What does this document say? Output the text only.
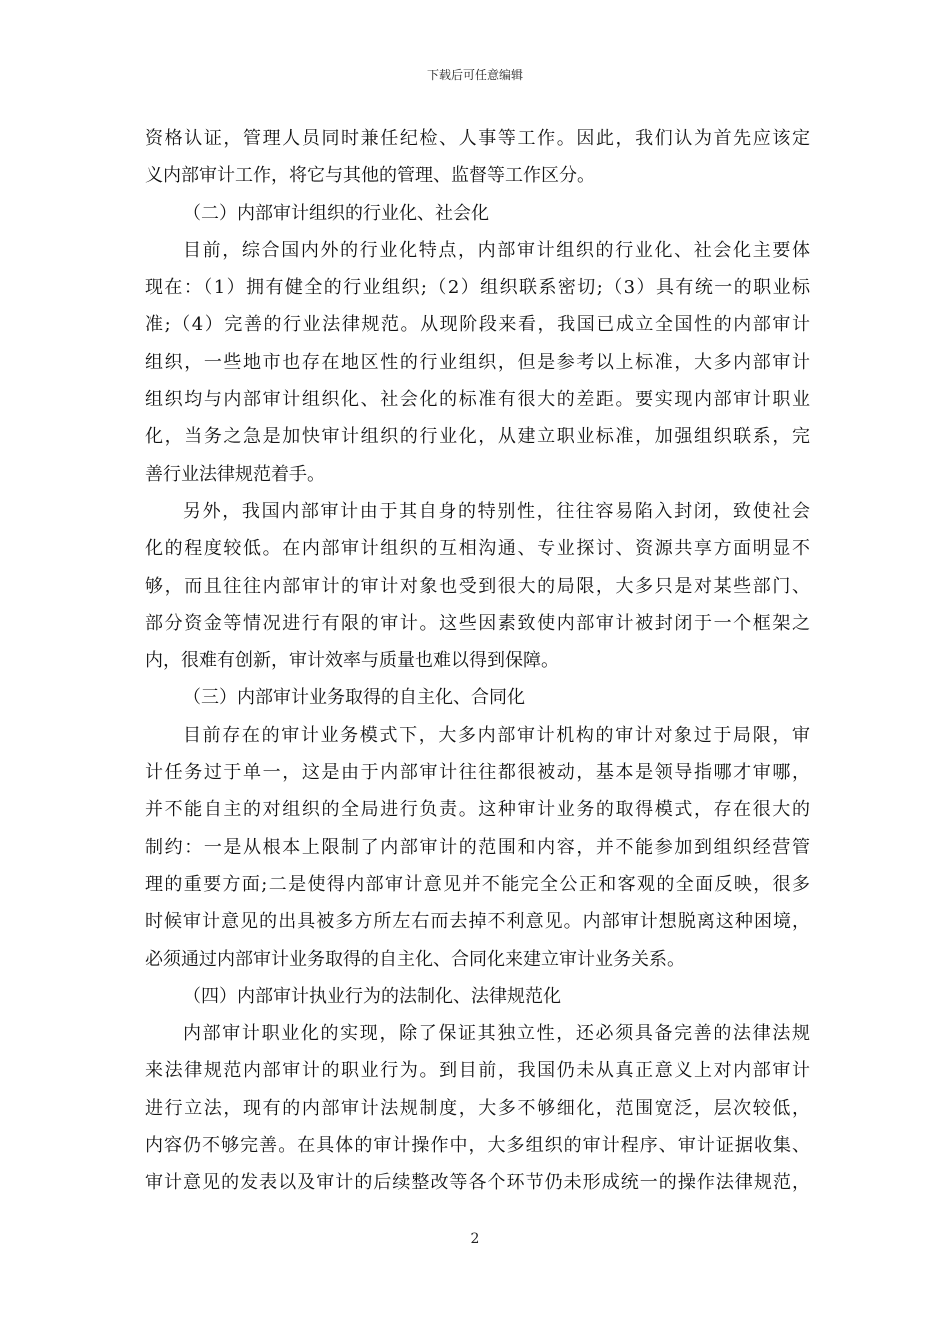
下载后可任意编辑
资格认证，管理人员同时兼任纪检、人事等工作。因此，我们认为首先应该定
义内部审计工作，将它与其他的管理、监督等工作区分。
（二）内部审计组织的行业化、社会化
目前，综合国内外的行业化特点，内部审计组织的行业化、社会化主要体
现在：（1）拥有健全的行业组织;（2）组织联系密切;（3）具有统一的职业标
准;（4）完善的行业法律规范。从现阶段来看，我国已成立全国性的内部审计
组织，一些地市也存在地区性的行业组织，但是参考以上标准，大多内部审计
组织均与内部审计组织化、社会化的标准有很大的差距。要实现内部审计职业
化，当务之急是加快审计组织的行业化，从建立职业标准，加强组织联系，完
善行业法律规范着手。
另外，我国内部审计由于其自身的特别性，往往容易陷入封闭，致使社会
化的程度较低。在内部审计组织的互相沟通、专业探讨、资源共享方面明显不
够，而且往往内部审计的审计对象也受到很大的局限，大多只是对某些部门、
部分资金等情况进行有限的审计。这些因素致使内部审计被封闭于一个框架之
内，很难有创新，审计效率与质量也难以得到保障。
（三）内部审计业务取得的自主化、合同化
目前存在的审计业务模式下，大多内部审计机构的审计对象过于局限，审
计任务过于单一，这是由于内部审计往往都很被动，基本是领导指哪才审哪，
并不能自主的对组织的全局进行负责。这种审计业务的取得模式，存在很大的
制约：一是从根本上限制了内部审计的范围和内容，并不能参加到组织经营管
理的重要方面;二是使得内部审计意见并不能完全公正和客观的全面反映，很多
时候审计意见的出具被多方所左右而去掉不利意见。内部审计想脱离这种困境，
必须通过内部审计业务取得的自主化、合同化来建立审计业务关系。
（四）内部审计执业行为的法制化、法律规范化
内部审计职业化的实现，除了保证其独立性，还必须具备完善的法律法规
来法律规范内部审计的职业行为。到目前，我国仍未从真正意义上对内部审计
进行立法，现有的内部审计法规制度，大多不够细化，范围宽泛，层次较低，
内容仍不够完善。在具体的审计操作中，大多组织的审计程序、审计证据收集、
审计意见的发表以及审计的后续整改等各个环节仍未形成统一的操作法律规范，
2
